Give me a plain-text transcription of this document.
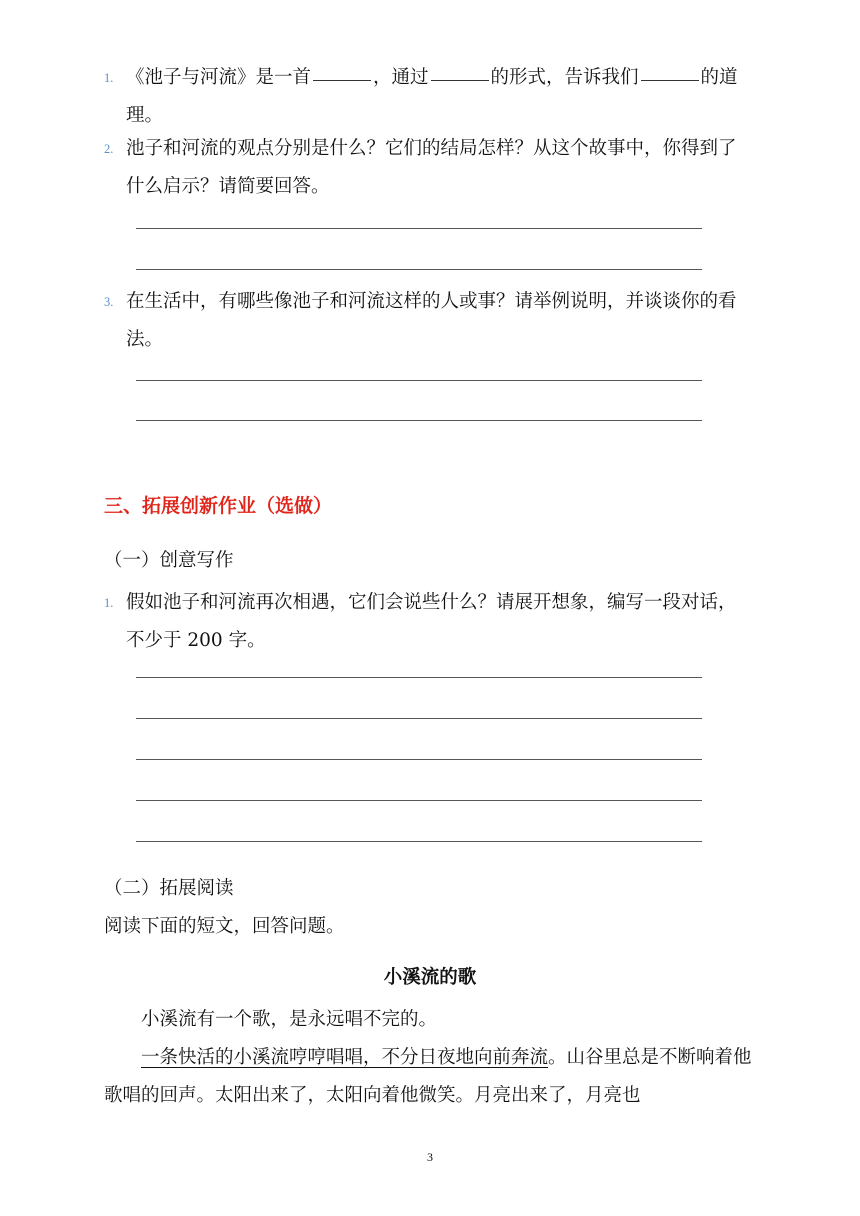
1. 《池子与河流》是一首	，通过	的形式，告诉我们	的道理。
2. 池子和河流的观点分别是什么？它们的结局怎样？从这个故事中，你得到了什么启示？请简要回答。
3. 在生活中，有哪些像池子和河流这样的人或事？请举例说明，并谈谈你的看法。
三、拓展创新作业（选做）
（一）创意写作
1. 假如池子和河流再次相遇，它们会说些什么？请展开想象，编写一段对话，不少于 200 字。
（二）拓展阅读
阅读下面的短文，回答问题。
小溪流的歌
小溪流有一个歌，是永远唱不完的。
一条快活的小溪流哼哼唱唱，不分日夜地向前奔流。山谷里总是不断响着他歌唱的回声。太阳出来了，太阳向着他微笑。月亮出来了，月亮也
3
